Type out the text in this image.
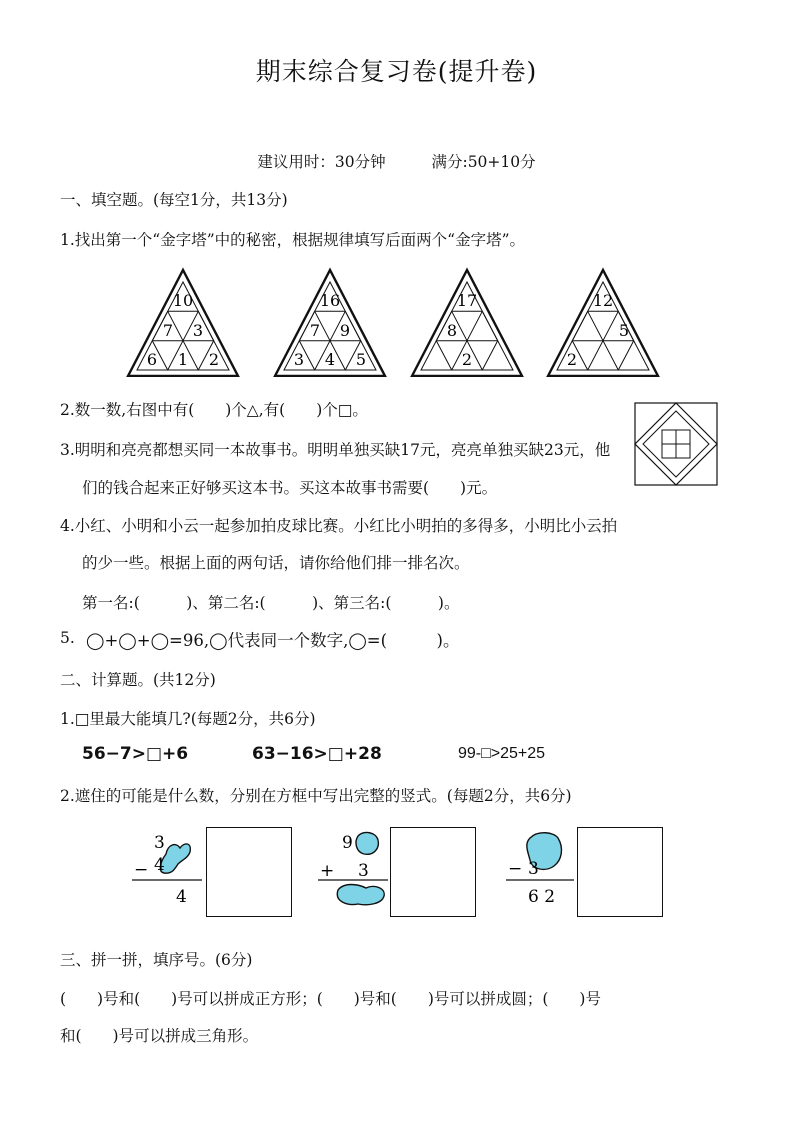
期末综合复习卷(提升卷)
建议用时：30分钟	满分:50+10分
一、填空题。(每空1分，共13分)
1.找出第一个“金字塔”中的秘密，根据规律填写后面两个“金字塔”。
10
7 3
6 1 2
16
7 9
3 4 5
17
8
2
12
5
2
2.数一数,右图中有(　　)个△,有(　　)个□。
3.明明和亮亮都想买同一本故事书。明明单独买缺17元，亮亮单独买缺23元，他
们的钱合起来正好够买这本书。买这本故事书需要(　　)元。
4.小红、小明和小云一起参加拍皮球比赛。小红比小明拍的多得多，小明比小云拍
的少一些。根据上面的两句话，请你给他们排一排名次。
第一名:(　　　)、第二名:(　　　)、第三名:(　　　)。
5. ◯+◯+◯=96,◯代表同一个数字,◯=(　　　)。
二、计算题。(共12分)
1.□里最大能填几?(每题2分，共6分)
56−7>□+6	63−16>□+28	99-□>25+25
2.遮住的可能是什么数，分别在方框中写出完整的竖式。(每题2分，共6分)
3
− 4
4
9
+ 3	− 3
6 2
三、拼一拼，填序号。(6分)
(　　)号和(　　)号可以拼成正方形；(　　)号和(　　)号可以拼成圆；(　　)号
和(　　)号可以拼成三角形。
